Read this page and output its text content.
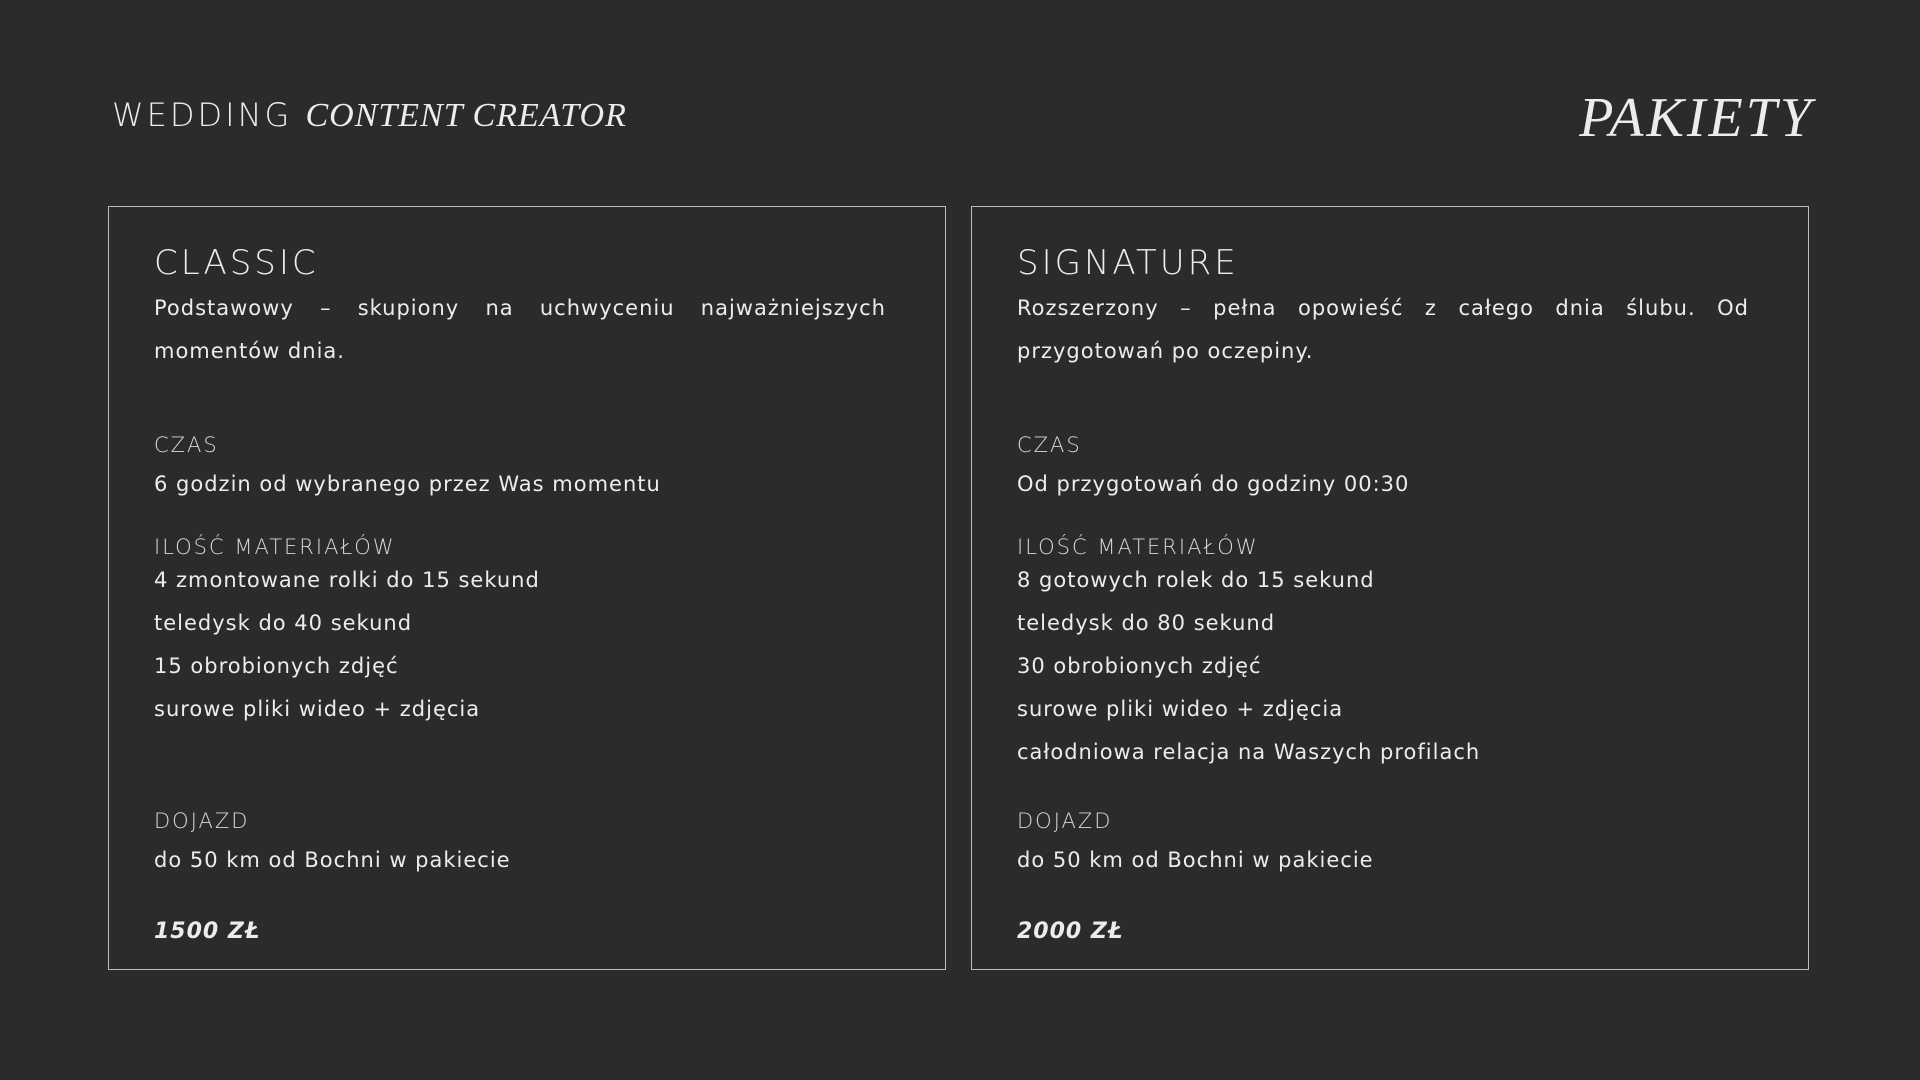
WEDDING CONTENT CREATOR	PAKIETY
CLASSIC
Podstawowy – skupiony na uchwyceniu najważniejszych momentów dnia.
CZAS
6 godzin od wybranego przez Was momentu
ILOŚĆ MATERIAŁÓW
4 zmontowane rolki do 15 sekund
teledysk do 40 sekund
15 obrobionych zdjęć
surowe pliki wideo + zdjęcia
DOJAZD
do 50 km od Bochni w pakiecie
1500 ZŁ
SIGNATURE
Rozszerzony – pełna opowieść z całego dnia ślubu. Od przygotowań po oczepiny.
CZAS
Od przygotowań do godziny 00:30
ILOŚĆ MATERIAŁÓW
8 gotowych rolek do 15 sekund
teledysk do 80 sekund
30 obrobionych zdjęć
surowe pliki wideo + zdjęcia
całodniowa relacja na Waszych profilach
DOJAZD
do 50 km od Bochni w pakiecie
2000 ZŁ
